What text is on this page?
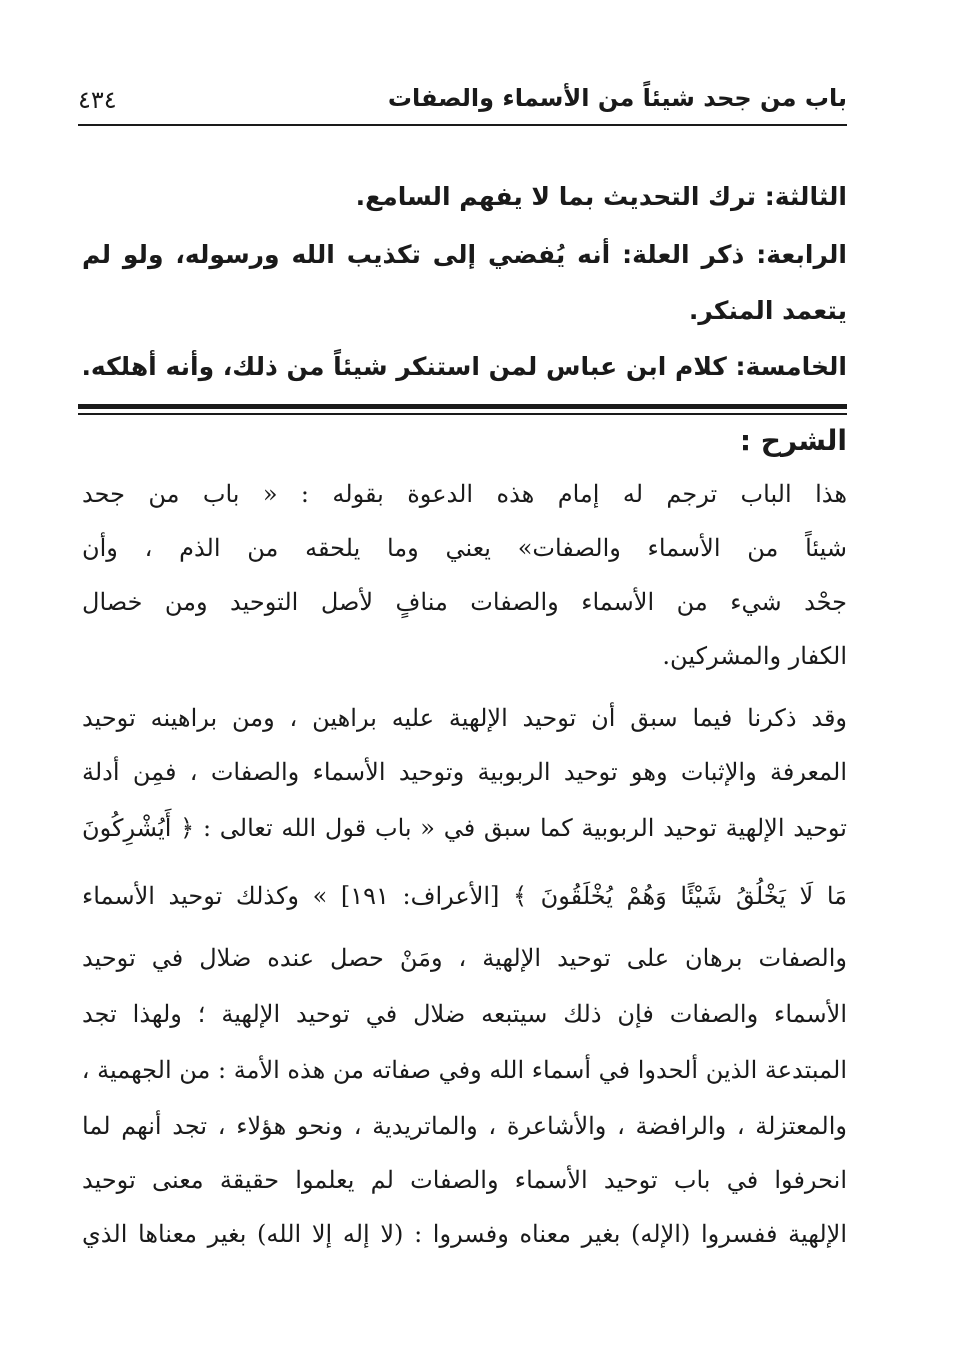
باب من جحد شيئاً من الأسماء والصفات
٤٣٤
الثالثة: ترك التحديث بما لا يفهم السامع.
الرابعة: ذكر العلة: أنه يُفضي إلى تكذيب الله ورسوله، ولو لم
يتعمد المنكر.
الخامسة: كلام ابن عباس لمن استنكر شيئاً من ذلك، وأنه أهلكه.
الشرح :
هذا الباب ترجم له إمام هذه الدعوة بقوله : « باب من جحد
شيئاً من الأسماء والصفات» يعني وما يلحقه من الذم ، وأن
جحْد شيء من الأسماء والصفات منافٍ لأصل التوحيد ومن خصال
الكفار والمشركين.
وقد ذكرنا فيما سبق أن توحيد الإلهية عليه براهين ، ومن براهينه توحيد
المعرفة والإثبات وهو توحيد الربوبية وتوحيد الأسماء والصفات ، فمِن أدلة
توحيد الإلهية توحيد الربوبية كما سبق في « باب قول الله تعالى : ﴿ أَيُشْرِكُونَ
مَا لَا يَخْلُقُ شَيْئًا وَهُمْ يُخْلَقُونَ ﴾ [الأعراف: ١٩١] » وكذلك توحيد الأسماء
والصفات برهان على توحيد الإلهية ، ومَنْ حصل عنده ضلال في توحيد
الأسماء والصفات فإن ذلك سيتبعه ضلال في توحيد الإلهية ؛ ولهذا تجد
المبتدعة الذين ألحدوا في أسماء الله وفي صفاته من هذه الأمة : من الجهمية ،
والمعتزلة ، والرافضة ، والأشاعرة ، والماتريدية ، ونحو هؤلاء ، تجد أنهم لما
انحرفوا في باب توحيد الأسماء والصفات لم يعلموا حقيقة معنى توحيد
الإلهية ففسروا (الإله) بغير معناه وفسروا : (لا إله إلا الله) بغير معناها الذي
